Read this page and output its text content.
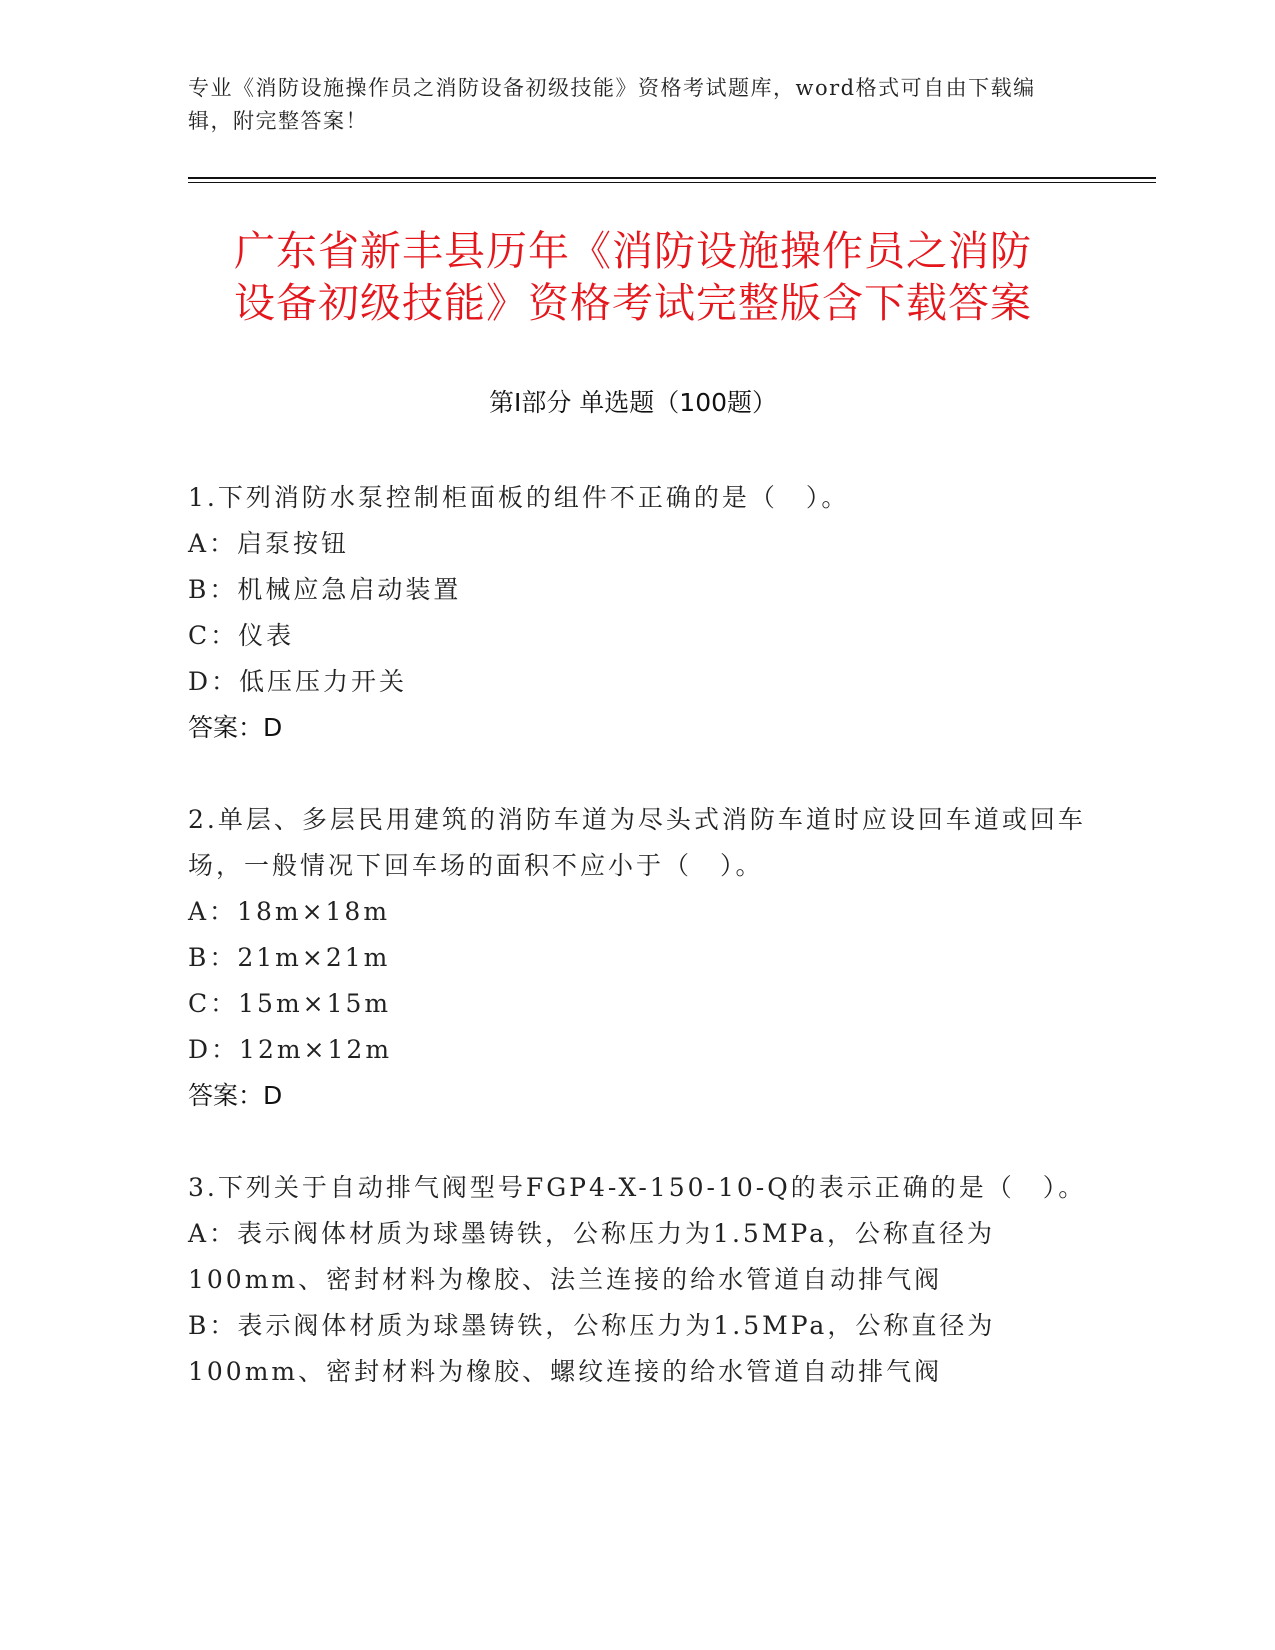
专业《消防设施操作员之消防设备初级技能》资格考试题库，word格式可自由下载编辑，附完整答案！
广东省新丰县历年《消防设施操作员之消防
设备初级技能》资格考试完整版含下载答案
第Ⅰ部分 单选题（100题）
1.下列消防水泵控制柜面板的组件不正确的是（　）。
A：启泵按钮
B：机械应急启动装置
C：仪表
D：低压压力开关
答案：D
2.单层、多层民用建筑的消防车道为尽头式消防车道时应设回车道或回车场，一般情况下回车场的面积不应小于（　）。
A：18m×18m
B：21m×21m
C：15m×15m
D：12m×12m
答案：D
3.下列关于自动排气阀型号FGP4-X-150-10-Q的表示正确的是（　）。
A：表示阀体材质为球墨铸铁，公称压力为1.5MPa，公称直径为100mm、密封材料为橡胶、法兰连接的给水管道自动排气阀
B：表示阀体材质为球墨铸铁，公称压力为1.5MPa，公称直径为100mm、密封材料为橡胶、螺纹连接的给水管道自动排气阀
